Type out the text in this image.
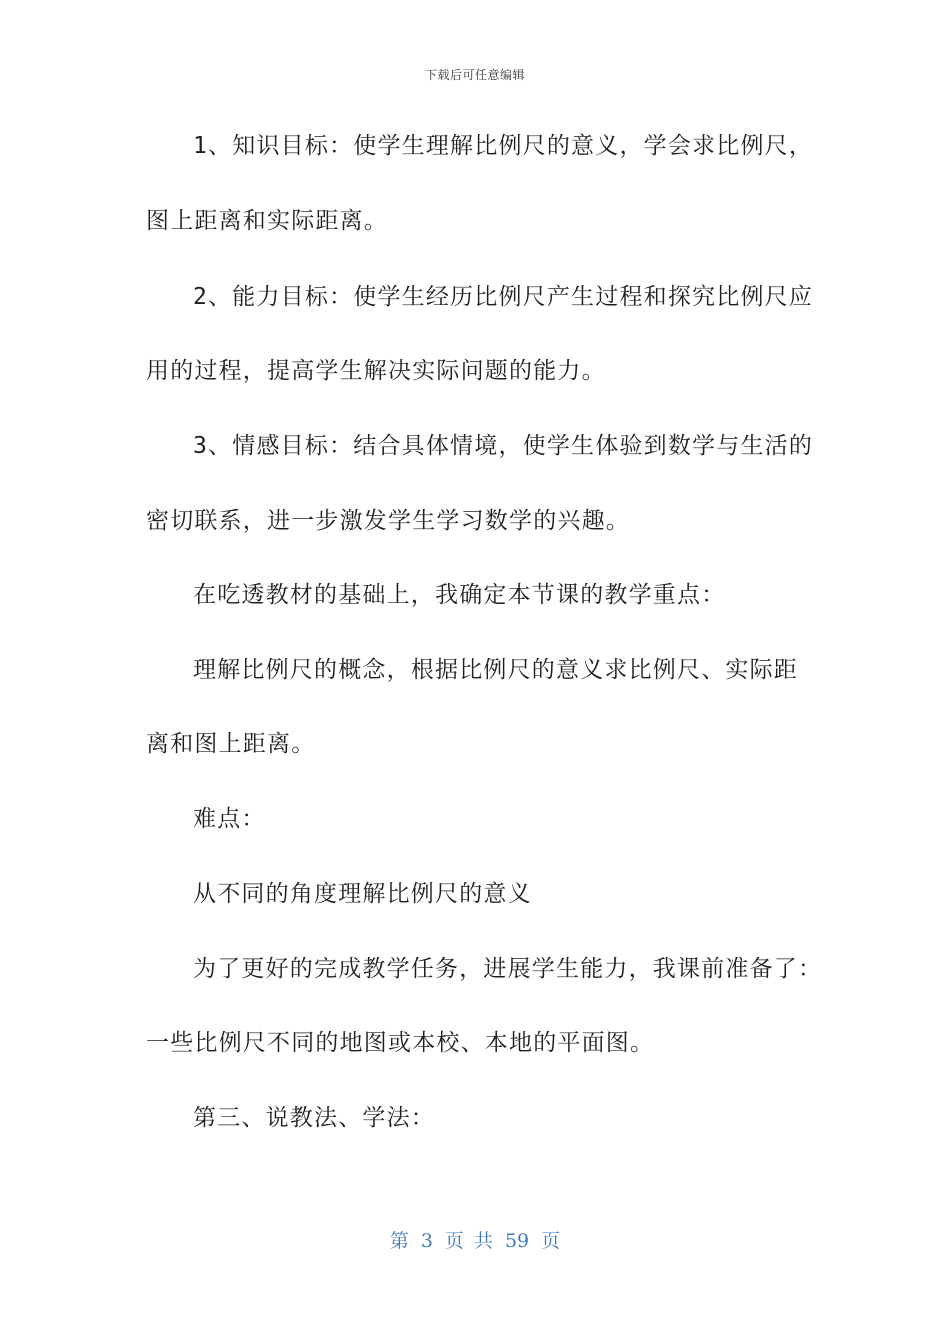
下载后可任意编辑
1、知识目标：使学生理解比例尺的意义，学会求比例尺，
图上距离和实际距离。
2、能力目标：使学生经历比例尺产生过程和探究比例尺应
用的过程，提高学生解决实际问题的能力。
3、情感目标：结合具体情境，使学生体验到数学与生活的
密切联系，进一步激发学生学习数学的兴趣。
在吃透教材的基础上，我确定本节课的教学重点：
理解比例尺的概念，根据比例尺的意义求比例尺、实际距
离和图上距离。
难点：
从不同的角度理解比例尺的意义
为了更好的完成教学任务，进展学生能力，我课前准备了：
一些比例尺不同的地图或本校、本地的平面图。
第三、说教法、学法：
第 3 页 共 59 页
